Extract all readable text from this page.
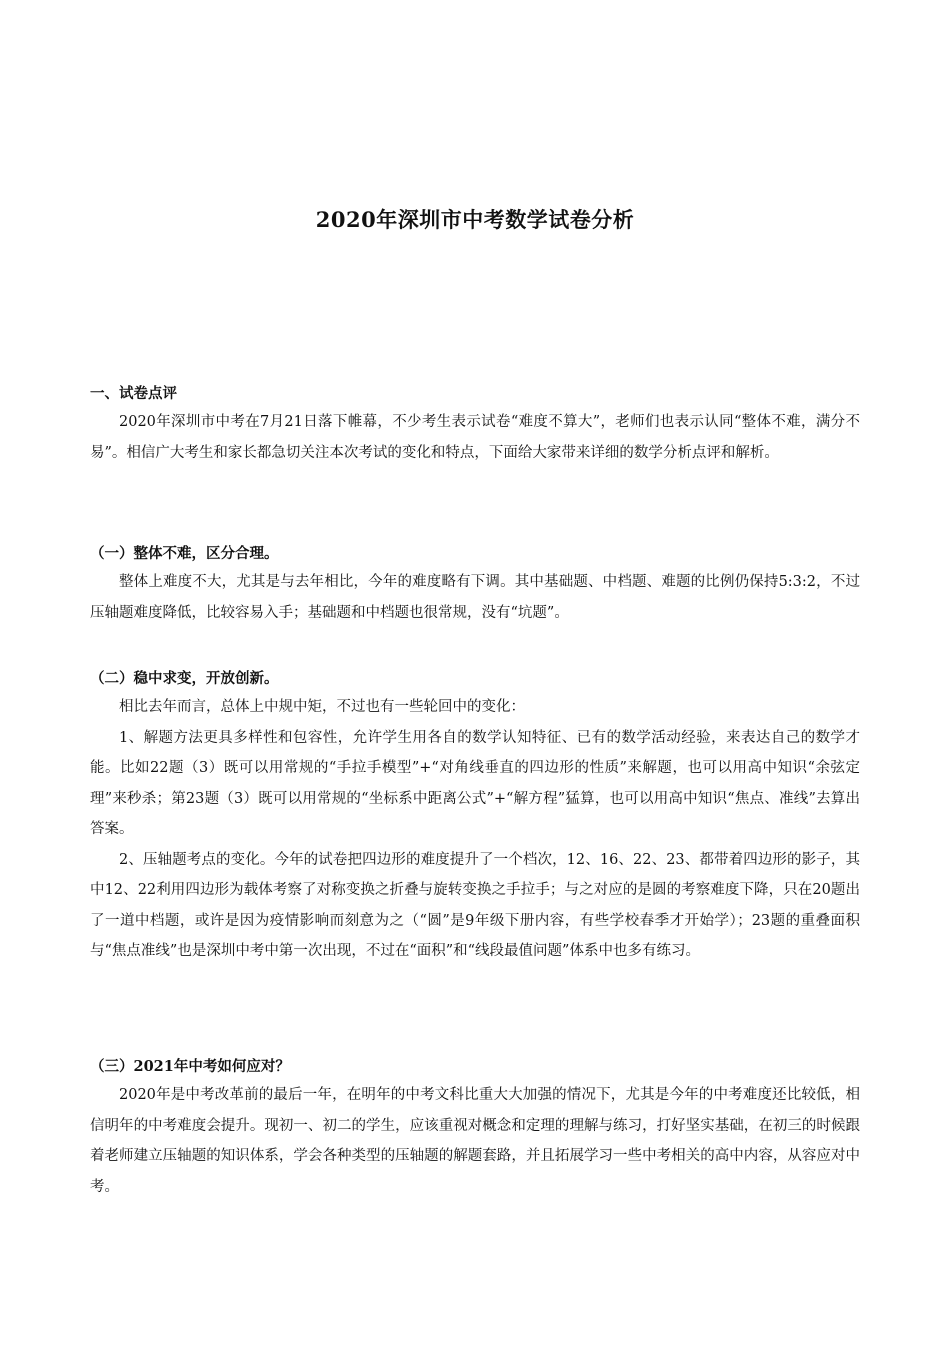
2020年深圳市中考数学试卷分析
一、试卷点评

2020年深圳市中考在7月21日落下帷幕，不少考生表示试卷“难度不算大”，老师们也表示认同“整体不难，满分不易”。相信广大考生和家长都急切关注本次考试的变化和特点，下面给大家带来详细的数学分析点评和解析。

（一）整体不难，区分合理。

整体上难度不大，尤其是与去年相比，今年的难度略有下调。其中基础题、中档题、难题的比例仍保持5:3:2，不过压轴题难度降低，比较容易入手；基础题和中档题也很常规，没有“坑题”。

（二）稳中求变，开放创新。

相比去年而言，总体上中规中矩，不过也有一些轮回中的变化：

1、解题方法更具多样性和包容性，允许学生用各自的数学认知特征、已有的数学活动经验，来表达自己的数学才能。比如22题（3）既可以用常规的“手拉手模型”+“对角线垂直的四边形的性质”来解题，也可以用高中知识“余弦定理”来秒杀；第23题（3）既可以用常规的“坐标系中距离公式”+“解方程”猛算，也可以用高中知识“焦点、准线”去算出答案。

2、压轴题考点的变化。今年的试卷把四边形的难度提升了一个档次，12、16、22、23、都带着四边形的影子，其中12、22利用四边形为载体考察了对称变换之折叠与旋转变换之手拉手；与之对应的是圆的考察难度下降，只在20题出了一道中档题，或许是因为疫情影响而刻意为之（“圆”是9年级下册内容，有些学校春季才开始学）；23题的重叠面积与“焦点准线”也是深圳中考中第一次出现，不过在“面积”和“线段最值问题”体系中也多有练习。

（三）2021年中考如何应对？

2020年是中考改革前的最后一年，在明年的中考文科比重大大加强的情况下，尤其是今年的中考难度还比较低，相信明年的中考难度会提升。现初一、初二的学生，应该重视对概念和定理的理解与练习，打好坚实基础，在初三的时候跟着老师建立压轴题的知识体系，学会各种类型的压轴题的解题套路，并且拓展学习一些中考相关的高中内容，从容应对中考。
